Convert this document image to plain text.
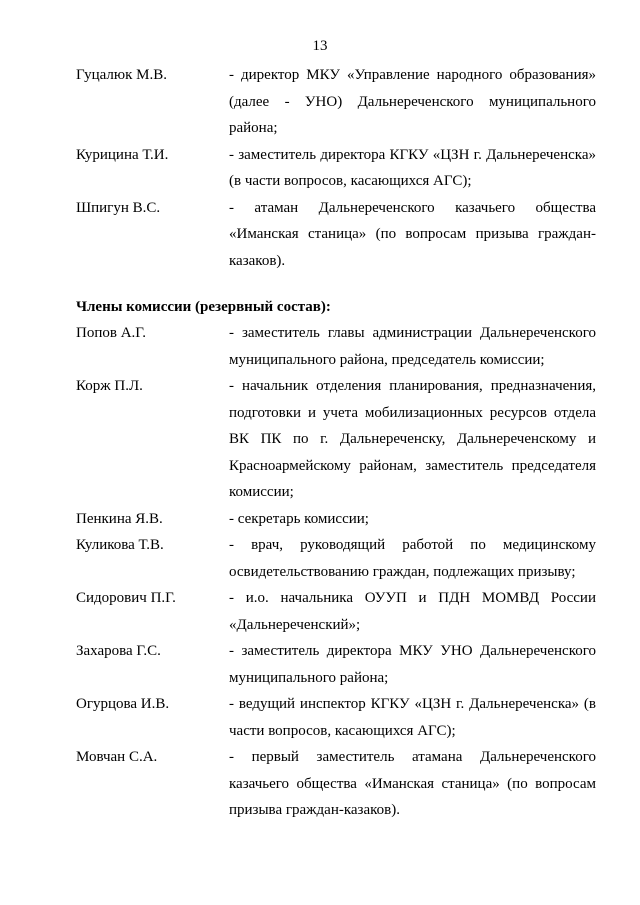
13
Гуцалюк М.В.	- директор МКУ «Управление народного образования» (далее - УНО) Дальнереченского муниципального района;
Курицина Т.И.	- заместитель директора КГКУ «ЦЗН г. Дальнереченска» (в части вопросов, касающихся АГС);
Шпигун В.С.	- атаман Дальнереченского казачьего общества «Иманская станица» (по вопросам призыва граждан-казаков).
Члены комиссии (резервный состав):
Попов А.Г.	- заместитель главы администрации Дальнереченского муниципального района, председатель комиссии;
Корж П.Л.	- начальник отделения планирования, предназначения, подготовки и учета мобилизационных ресурсов отдела ВК ПК по г. Дальнереченску, Дальнереченскому и Красноармейскому районам, заместитель председателя комиссии;
Пенкина Я.В.	- секретарь комиссии;
Куликова Т.В.	- врач, руководящий работой по медицинскому освидетельствованию граждан, подлежащих призыву;
Сидорович П.Г.	- и.о. начальника ОУУП и ПДН МОМВД России «Дальнереченский»;
Захарова Г.С.	- заместитель директора МКУ УНО Дальнереченского муниципального района;
Огурцова И.В.	- ведущий инспектор КГКУ «ЦЗН г. Дальнереченска» (в части вопросов, касающихся АГС);
Мовчан С.А.	- первый заместитель атамана Дальнереченского казачьего общества «Иманская станица» (по вопросам призыва граждан-казаков).
